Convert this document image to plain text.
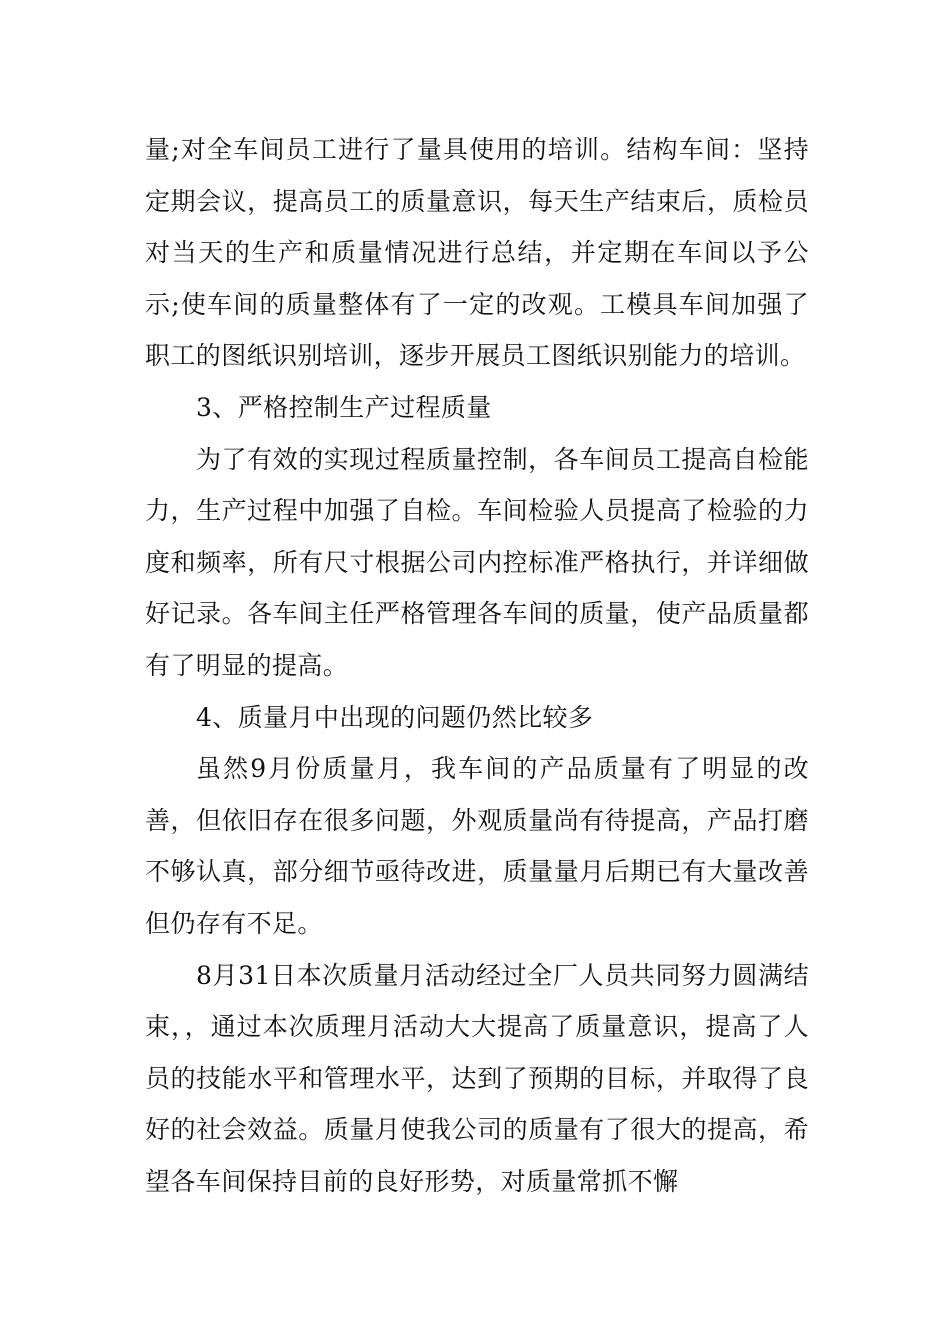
量;对全车间员工进行了量具使用的培训。结构车间：坚持定期会议，提高员工的质量意识，每天生产结束后，质检员对当天的生产和质量情况进行总结，并定期在车间以予公示;使车间的质量整体有了一定的改观。工模具车间加强了职工的图纸识别培训，逐步开展员工图纸识别能力的培训。

3、严格控制生产过程质量

为了有效的实现过程质量控制，各车间员工提高自检能力，生产过程中加强了自检。车间检验人员提高了检验的力度和频率，所有尺寸根据公司内控标准严格执行，并详细做好记录。各车间主任严格管理各车间的质量，使产品质量都有了明显的提高。

4、质量月中出现的问题仍然比较多

虽然9月份质量月，我车间的产品质量有了明显的改善，但依旧存在很多问题，外观质量尚有待提高，产品打磨不够认真，部分细节亟待改进，质量量月后期已有大量改善但仍存有不足。

8月31日本次质量月活动经过全厂人员共同努力圆满结束，，通过本次质理月活动大大提高了质量意识，提高了人员的技能水平和管理水平，达到了预期的目标，并取得了良好的社会效益。质量月使我公司的质量有了很大的提高，希望各车间保持目前的良好形势，对质量常抓不懈
